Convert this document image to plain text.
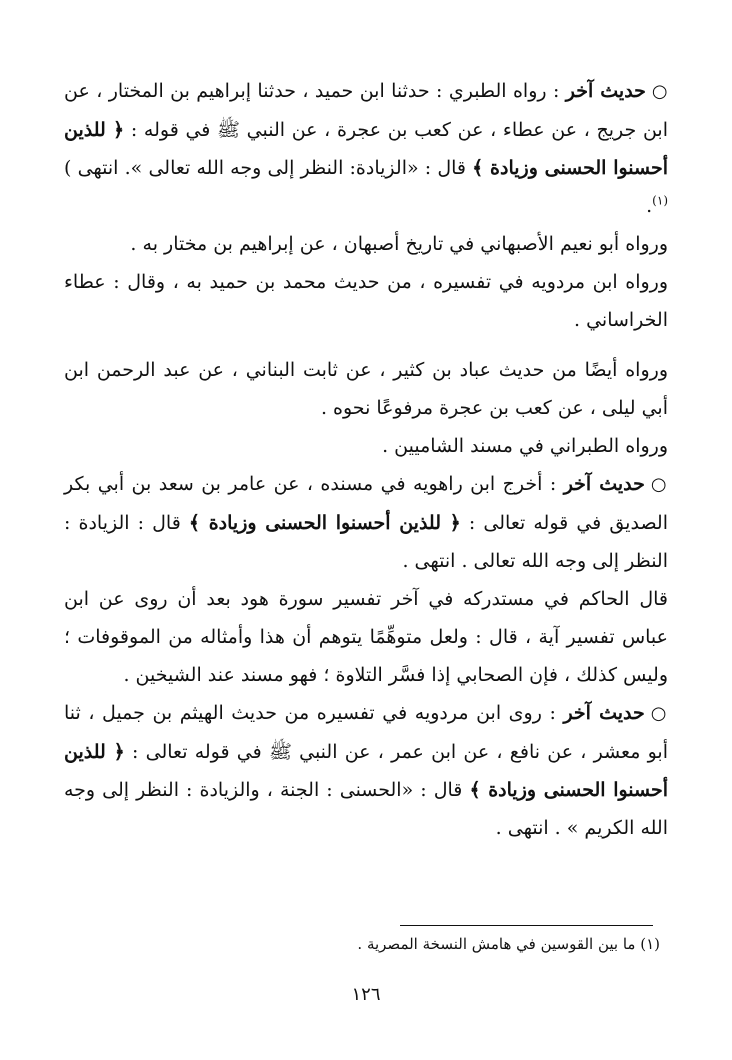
○حديث آخر : رواه الطبري : حدثنا ابن حميد ، حدثنا إبراهيم بن المختار ، عن ابن جريج ، عن عطاء ، عن كعب بن عجرة ، عن النبي ﷺ في قوله : ﴿ للذين أحسنوا الحسنى وزيادة ﴾ قال : «الزيادة: النظر إلى وجه الله تعالى ». انتهى )$^{(١)}$.

ورواه أبو نعيم الأصبهاني في تاريخ أصبهان ، عن إبراهيم بن مختار به .

ورواه ابن مردويه في تفسيره ، من حديث محمد بن حميد به ، وقال : عطاء الخراساني .

ورواه أيضًا من حديث عباد بن كثير ، عن ثابت البناني ، عن عبد الرحمن ابن أبي ليلى ، عن كعب بن عجرة مرفوعًا نحوه .

ورواه الطبراني في مسند الشاميين .

○حديث آخر : أخرج ابن راهويه في مسنده ، عن عامر بن سعد بن أبي بكر الصديق في قوله تعالى : ﴿ للذين أحسنوا الحسنى وزيادة ﴾ قال : الزيادة : النظر إلى وجه الله تعالى . انتهى .

قال الحاكم في مستدركه في آخر تفسير سورة هود بعد أن روى عن ابن عباس تفسير آية ، قال : ولعل متوهِّمًا يتوهم أن هذا وأمثاله من الموقوفات ؛ وليس كذلك ، فإن الصحابي إذا فسَّر التلاوة ؛ فهو مسند عند الشيخين .

○حديث آخر : روى ابن مردويه في تفسيره من حديث الهيثم بن جميل ، ثنا أبو معشر ، عن نافع ، عن ابن عمر ، عن النبي ﷺ في قوله تعالى : ﴿ للذين أحسنوا الحسنى وزيادة ﴾ قال : «الحسنى : الجنة ، والزيادة : النظر إلى وجه الله الكريم » . انتهى .

(١) ما بين القوسين في هامش النسخة المصرية .
١٢٦
